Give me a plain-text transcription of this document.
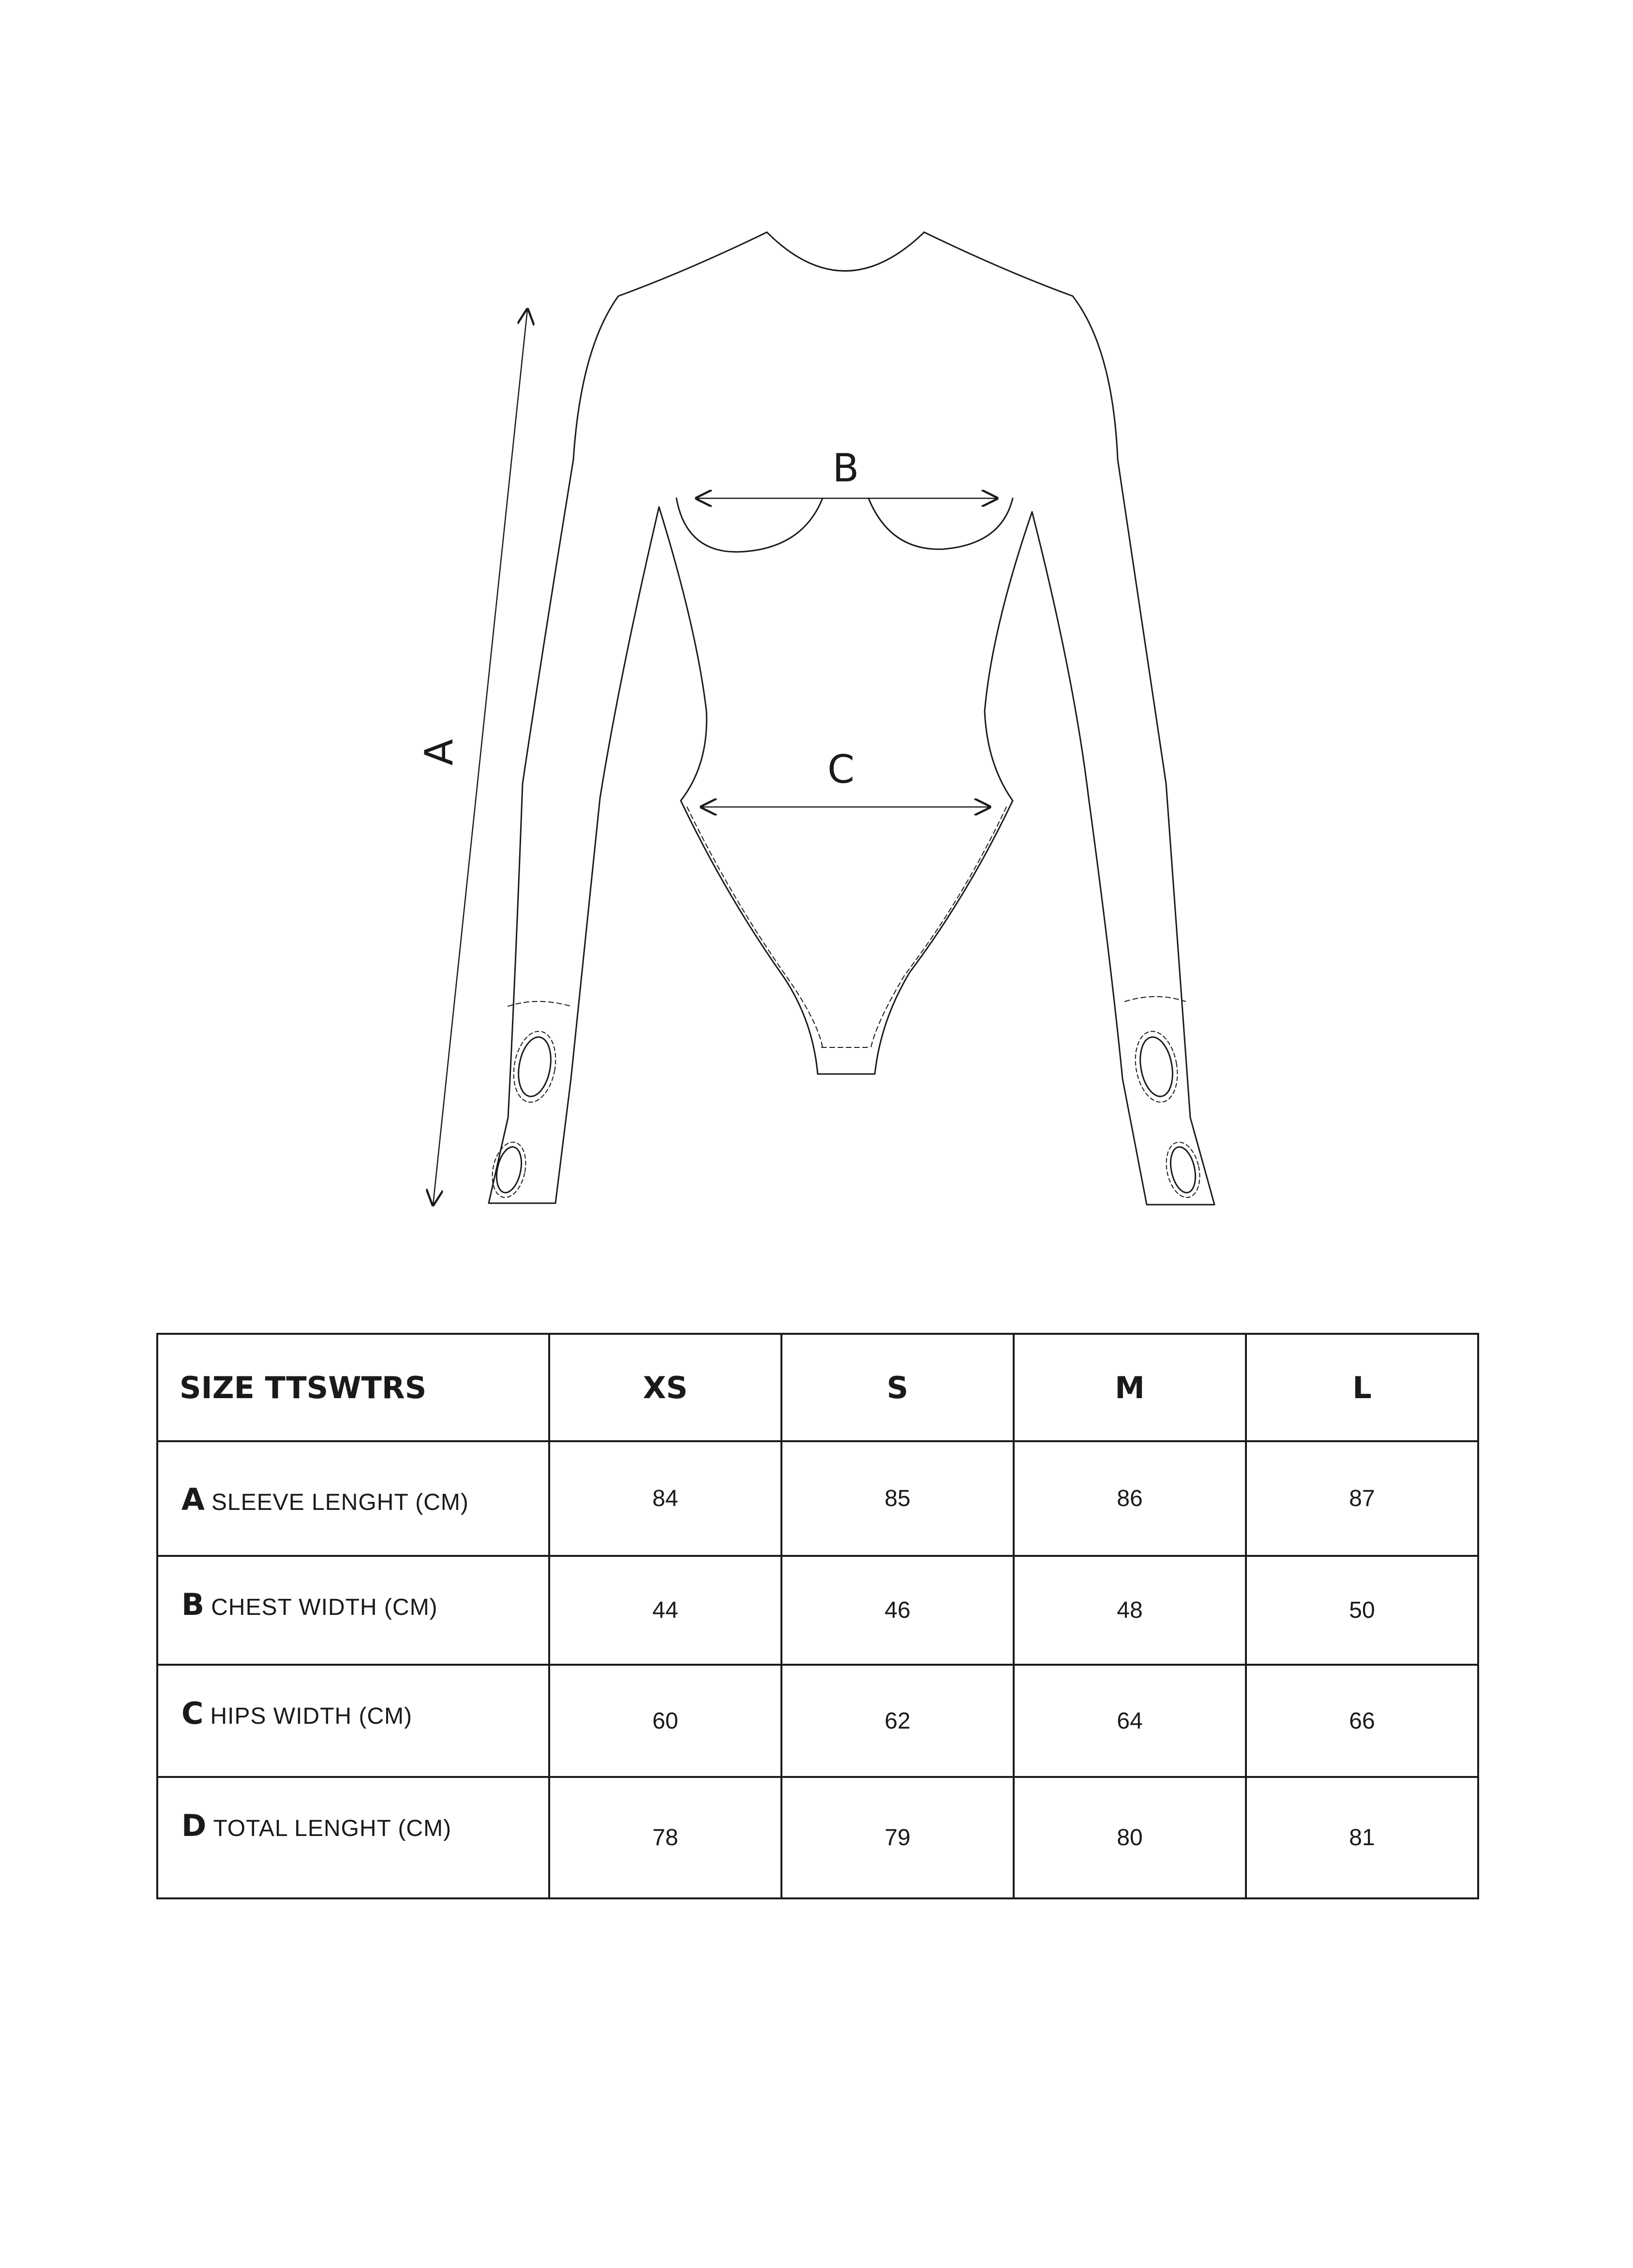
A
B
C
SIZE TTSWTRS	XS	S	M	L
A SLEEVE LENGHT (CM)	84	85	86	87
B CHEST WIDTH (CM)	44	46	48	50
C HIPS WIDTH (CM)	60	62	64	66
D TOTAL LENGHT (CM)	78	79	80	81
